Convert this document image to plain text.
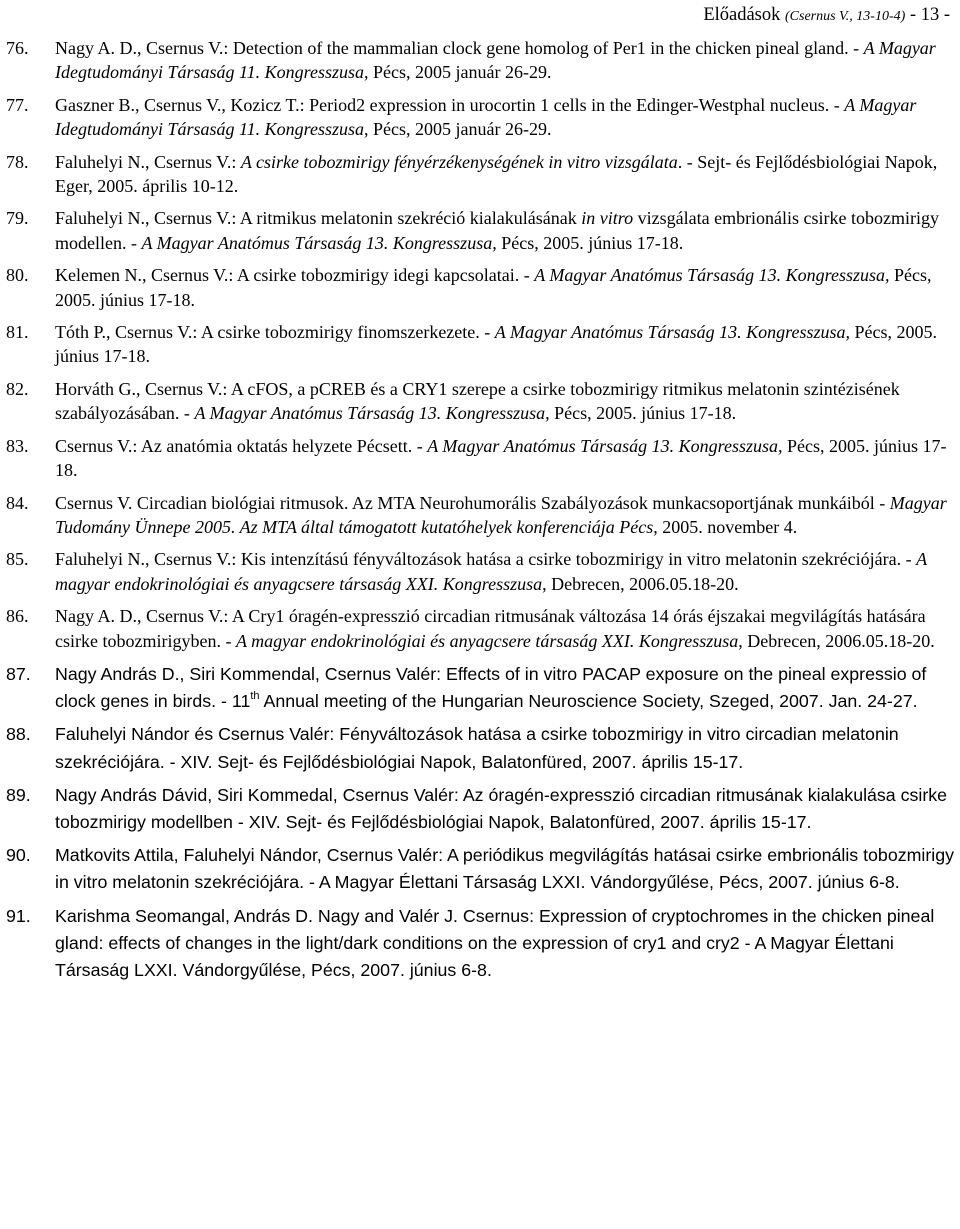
Előadások (Csernus V., 13-10-4) - 13 -
76. Nagy A. D., Csernus V.: Detection of the mammalian clock gene homolog of Per1 in the chicken pineal gland. - A Magyar Idegtudományi Társaság 11. Kongresszusa, Pécs, 2005 január 26-29.
77. Gaszner B., Csernus V., Kozicz T.: Period2 expression in urocortin 1 cells in the Edinger-Westphal nucleus. - A Magyar Idegtudományi Társaság 11. Kongresszusa, Pécs, 2005 január 26-29.
78. Faluhelyi N., Csernus V.: A csirke tobozmirigy fényérzékenységének in vitro vizsgálata. - Sejt- és Fejlődésbiológiai Napok, Eger, 2005. április 10-12.
79. Faluhelyi N., Csernus V.: A ritmikus melatonin szekréció kialakulásának in vitro vizsgálata embrionális csirke tobozmirigy modellen. - A Magyar Anatómus Társaság 13. Kongresszusa, Pécs, 2005. június 17-18.
80. Kelemen N., Csernus V.: A csirke tobozmirigy idegi kapcsolatai. - A Magyar Anatómus Társaság 13. Kongresszusa, Pécs, 2005. június 17-18.
81. Tóth P., Csernus V.: A csirke tobozmirigy finomszerkezete. - A Magyar Anatómus Társaság 13. Kongresszusa, Pécs, 2005. június 17-18.
82. Horváth G., Csernus V.: A cFOS, a pCREB és a CRY1 szerepe a csirke tobozmirigy ritmikus melatonin szintézisének szabályozásában. - A Magyar Anatómus Társaság 13. Kongresszusa, Pécs, 2005. június 17-18.
83. Csernus V.: Az anatómia oktatás helyzete Pécsett. - A Magyar Anatómus Társaság 13. Kongresszusa, Pécs, 2005. június 17-18.
84. Csernus V. Circadian biológiai ritmusok. Az MTA Neurohumorális Szabályozások munkacsoportjának munkáiból - Magyar Tudomány Ünnepe 2005. Az MTA által támogatott kutatóhelyek konferenciája Pécs, 2005. november 4.
85. Faluhelyi N., Csernus V.: Kis intenzítású fényváltozások hatása a csirke tobozmirigy in vitro melatonin szekréciójára. - A magyar endokrinológiai és anyagcsere társaság XXI. Kongresszusa, Debrecen, 2006.05.18-20.
86. Nagy A. D., Csernus V.: A Cry1 óragén-expresszió circadian ritmusának változása 14 órás éjszakai megvilágítás hatására csirke tobozmirigyben. - A magyar endokrinológiai és anyagcsere társaság XXI. Kongresszusa, Debrecen, 2006.05.18-20.
87. Nagy András D., Siri Kommendal, Csernus Valér: Effects of in vitro PACAP exposure on the pineal expressio of clock genes in birds. - 11th Annual meeting of the Hungarian Neuroscience Society, Szeged, 2007. Jan. 24-27.
88. Faluhelyi Nándor és Csernus Valér: Fényváltozások hatása a csirke tobozmirigy in vitro circadian melatonin szekréciójára. - XIV. Sejt- és Fejlődésbiológiai Napok, Balatonfüred, 2007. április 15-17.
89. Nagy András Dávid, Siri Kommedal, Csernus Valér: Az óragén-expresszió circadian ritmusának kialakulása csirke tobozmirigy modellben - XIV. Sejt- és Fejlődésbiológiai Napok, Balatonfüred, 2007. április 15-17.
90. Matkovits Attila, Faluhelyi Nándor, Csernus Valér: A periódikus megvilágítás hatásai csirke embrionális tobozmirigy in vitro melatonin szekréciójára. - A Magyar Élettani Társaság LXXI. Vándorgyűlése, Pécs, 2007. június 6-8.
91. Karishma Seomangal, András D. Nagy and Valér J. Csernus: Expression of cryptochromes in the chicken pineal gland: effects of changes in the light/dark conditions on the expression of cry1 and cry2 - A Magyar Élettani Társaság LXXI. Vándorgyűlése, Pécs, 2007. június 6-8.
